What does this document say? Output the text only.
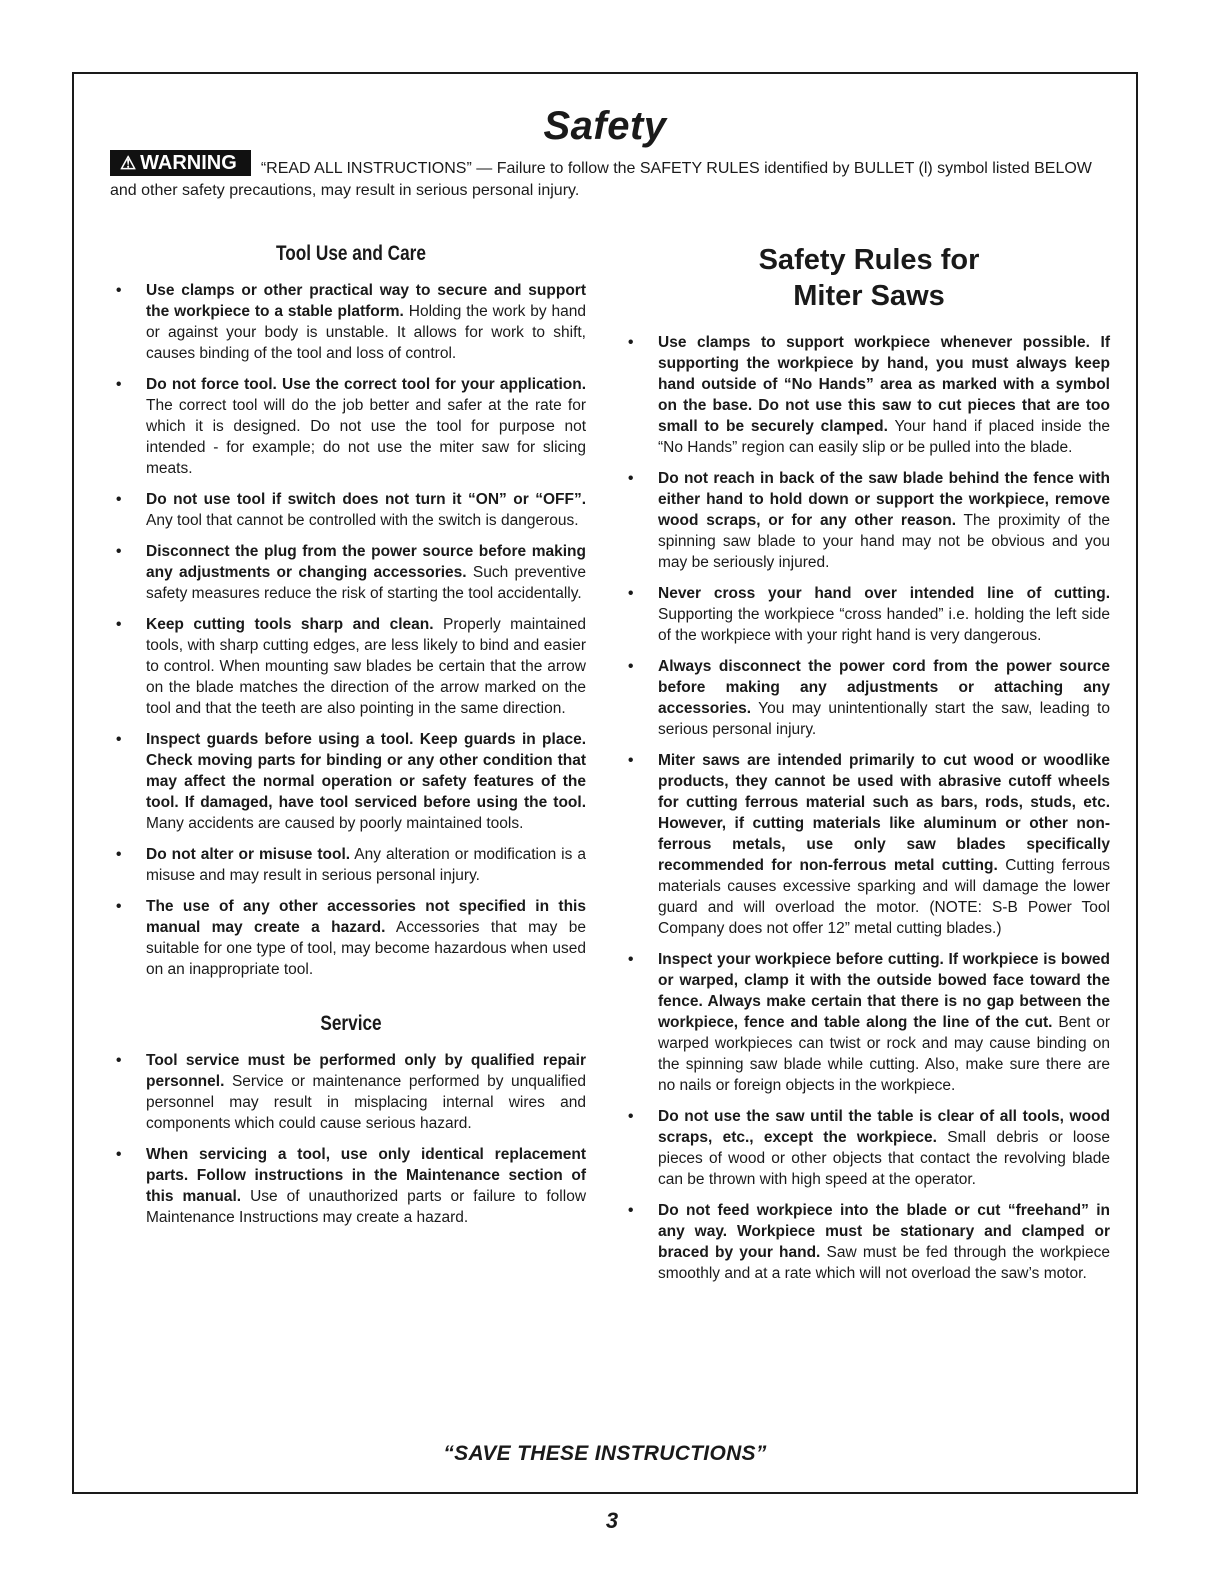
Safety
⚠ WARNING “READ ALL INSTRUCTIONS” — Failure to follow the SAFETY RULES identified by BULLET (l) symbol listed BELOW and other safety precautions, may result in serious personal injury.
Tool Use and Care
• Use clamps or other practical way to secure and support the workpiece to a stable platform. Holding the work by hand or against your body is unstable. It allows for work to shift, causes binding of the tool and loss of control.
• Do not force tool. Use the correct tool for your application. The correct tool will do the job better and safer at the rate for which it is designed. Do not use the tool for purpose not intended - for example; do not use the miter saw for slicing meats.
• Do not use tool if switch does not turn it “ON” or “OFF”. Any tool that cannot be controlled with the switch is dangerous.
• Disconnect the plug from the power source before making any adjustments or changing accessories. Such preventive safety measures reduce the risk of starting the tool accidentally.
• Keep cutting tools sharp and clean. Properly maintained tools, with sharp cutting edges, are less likely to bind and easier to control. When mounting saw blades be certain that the arrow on the blade matches the direction of the arrow marked on the tool and that the teeth are also pointing in the same direction.
• Inspect guards before using a tool. Keep guards in place. Check moving parts for binding or any other condition that may affect the normal operation or safety features of the tool. If damaged, have tool serviced before using the tool. Many accidents are caused by poorly maintained tools.
• Do not alter or misuse tool. Any alteration or modification is a misuse and may result in serious personal injury.
• The use of any other accessories not specified in this manual may create a hazard. Accessories that may be suitable for one type of tool, may become hazardous when used on an inappropriate tool.
Service
• Tool service must be performed only by qualified repair personnel. Service or maintenance performed by unqualified personnel may result in misplacing internal wires and components which could cause serious hazard.
• When servicing a tool, use only identical replacement parts. Follow instructions in the Maintenance section of this manual. Use of unauthorized parts or failure to follow Maintenance Instructions may create a hazard.
Safety Rules for
Miter Saws
• Use clamps to support workpiece whenever possible. If supporting the workpiece by hand, you must always keep hand outside of “No Hands” area as marked with a symbol on the base. Do not use this saw to cut pieces that are too small to be securely clamped. Your hand if placed inside the “No Hands” region can easily slip or be pulled into the blade.
• Do not reach in back of the saw blade behind the fence with either hand to hold down or support the workpiece, remove wood scraps, or for any other reason. The proximity of the spinning saw blade to your hand may not be obvious and you may be seriously injured.
• Never cross your hand over intended line of cutting. Supporting the workpiece “cross handed” i.e. holding the left side of the workpiece with your right hand is very dangerous.
• Always disconnect the power cord from the power source before making any adjustments or attaching any accessories. You may unintentionally start the saw, leading to serious personal injury.
• Miter saws are intended primarily to cut wood or woodlike products, they cannot be used with abrasive cutoff wheels for cutting ferrous material such as bars, rods, studs, etc. However, if cutting materials like aluminum or other non-ferrous metals, use only saw blades specifically recommended for non-ferrous metal cutting. Cutting ferrous materials causes excessive sparking and will damage the lower guard and will overload the motor. (NOTE: S-B Power Tool Company does not offer 12” metal cutting blades.)
• Inspect your workpiece before cutting. If workpiece is bowed or warped, clamp it with the outside bowed face toward the fence. Always make certain that there is no gap between the workpiece, fence and table along the line of the cut. Bent or warped workpieces can twist or rock and may cause binding on the spinning saw blade while cutting. Also, make sure there are no nails or foreign objects in the workpiece.
• Do not use the saw until the table is clear of all tools, wood scraps, etc., except the workpiece. Small debris or loose pieces of wood or other objects that contact the revolving blade can be thrown with high speed at the operator.
• Do not feed workpiece into the blade or cut “freehand” in any way. Workpiece must be stationary and clamped or braced by your hand. Saw must be fed through the workpiece smoothly and at a rate which will not overload the saw’s motor.
“SAVE THESE INSTRUCTIONS”
3
